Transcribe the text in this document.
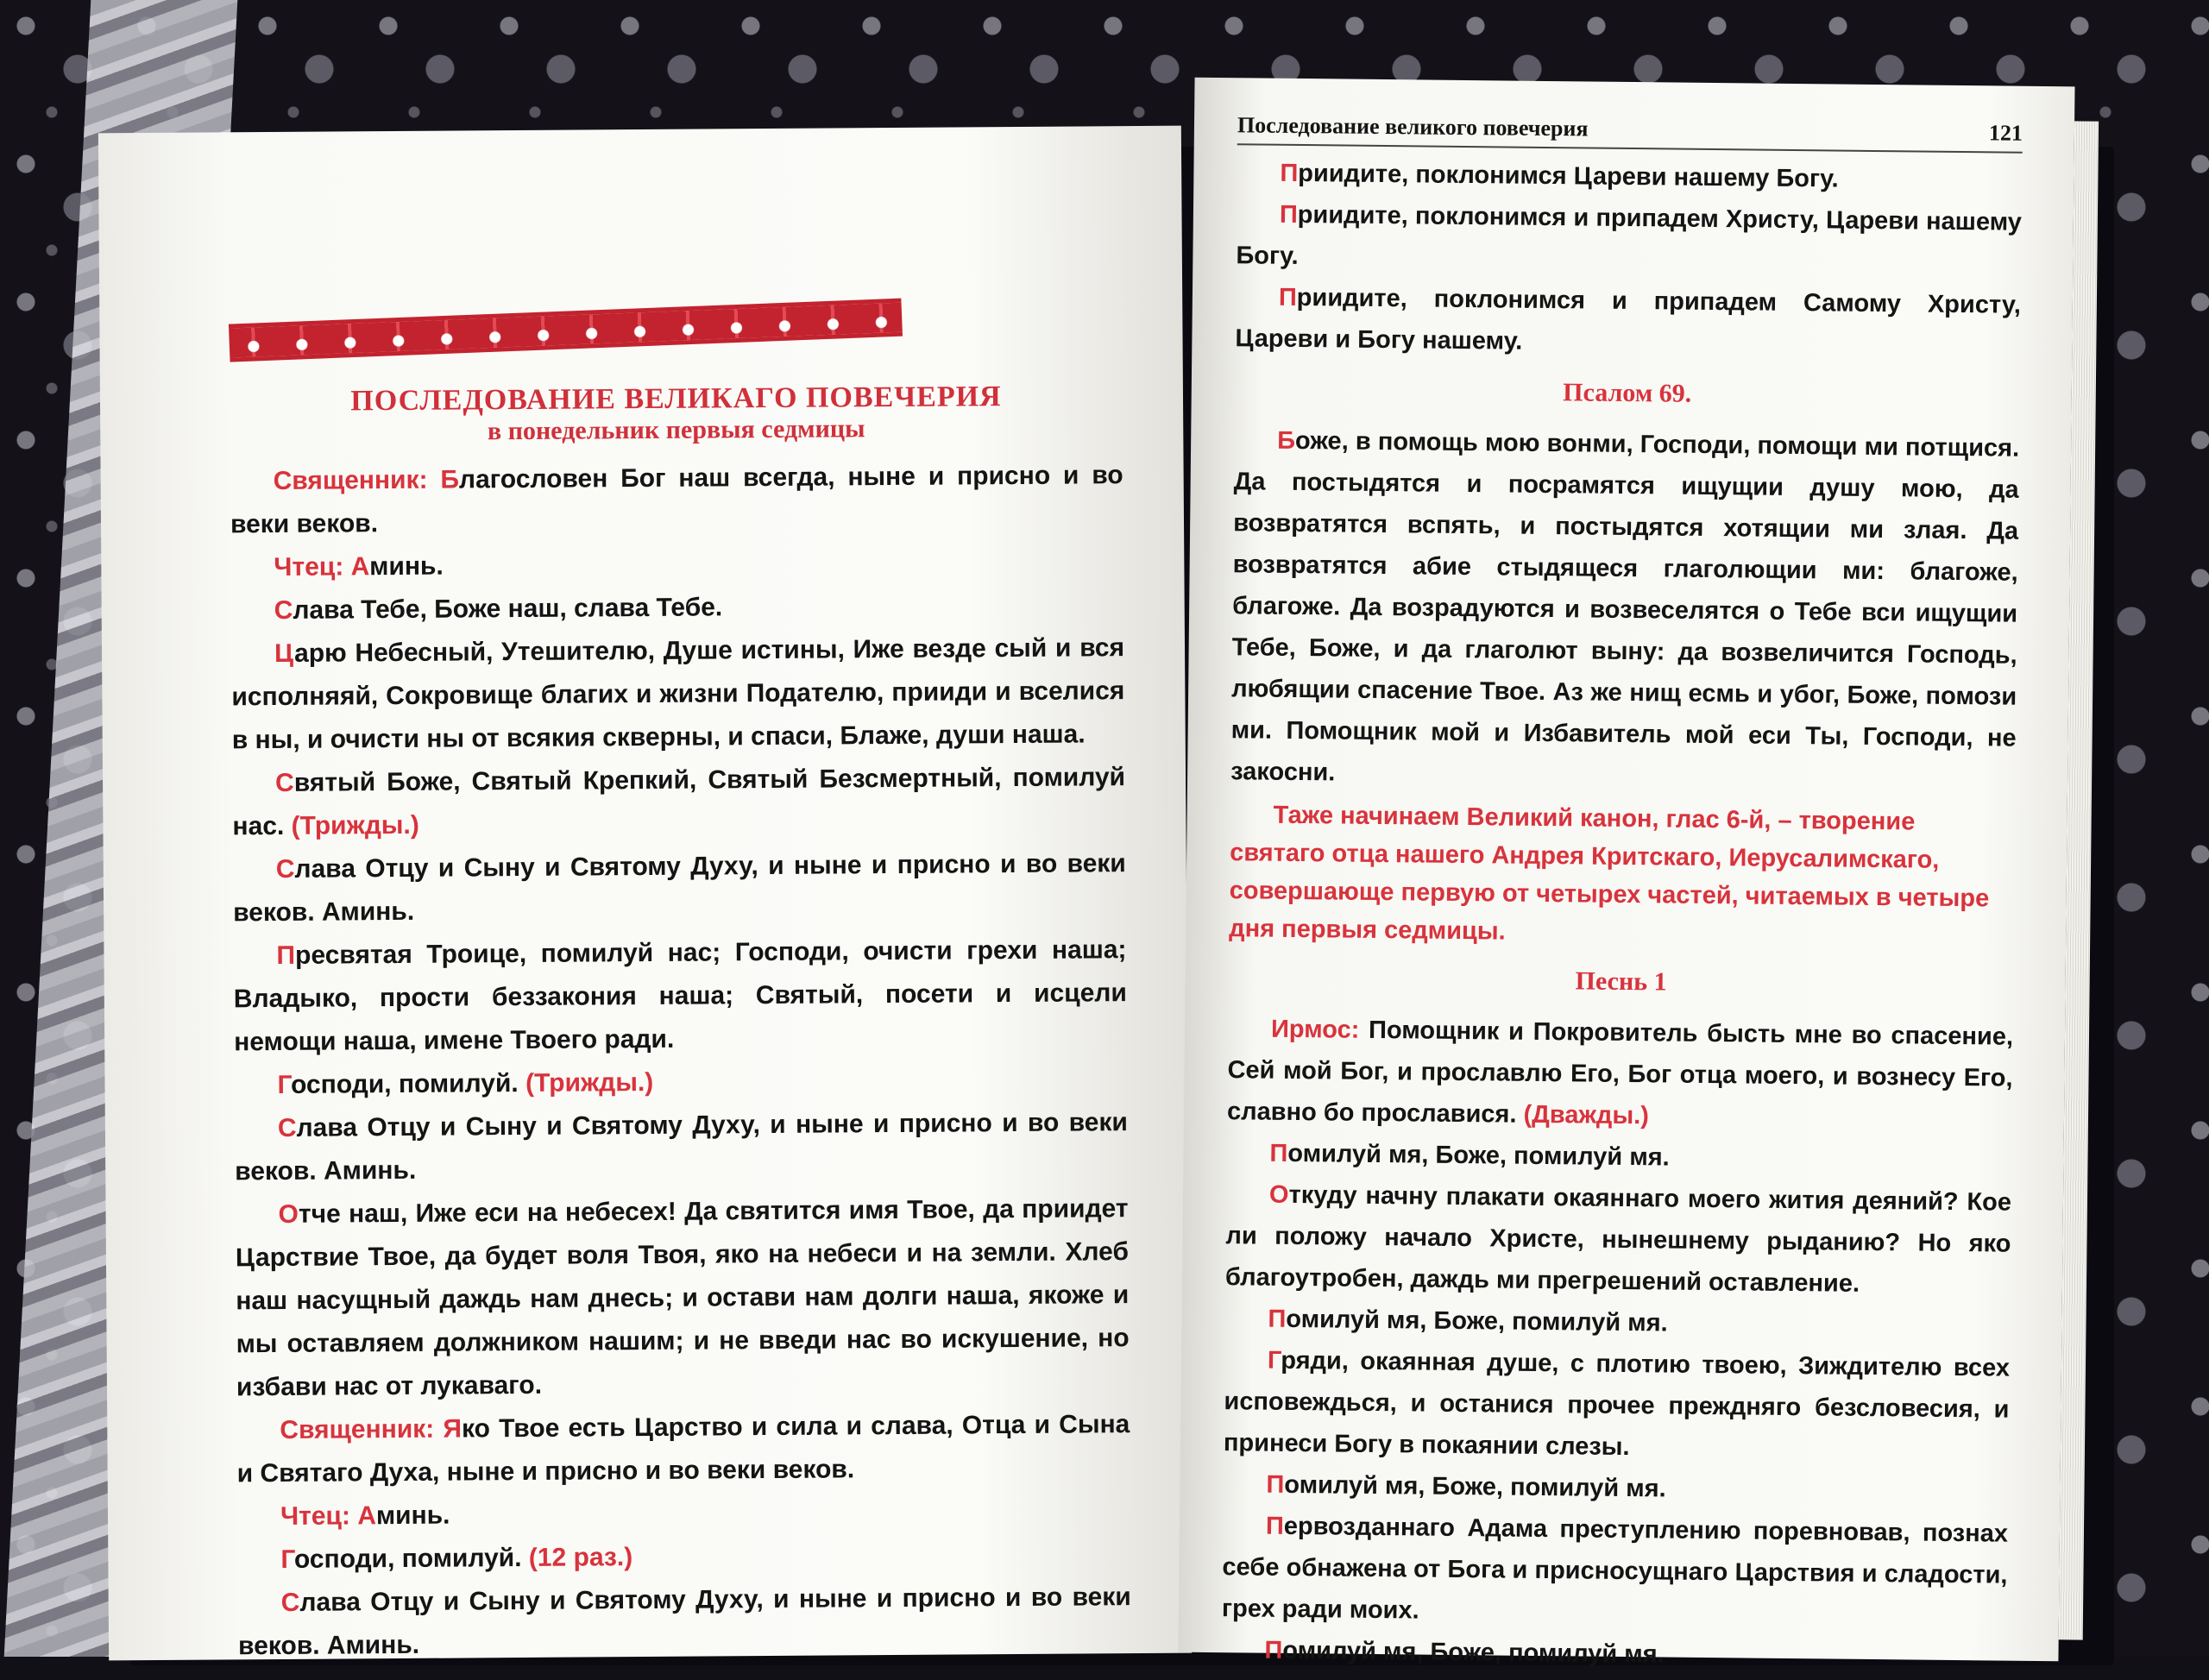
ПОСЛЕДОВАНИЕ ВЕЛИКАГО ПОВЕЧЕРИЯ
в понедельник первыя седмицы

Священник: Благословен Бог наш всегда, ныне и присно и во веки веков.

Чтец: Аминь.

Слава Тебе, Боже наш, слава Тебе.

Царю Небесный, Утешителю, Душе истины, Иже везде сый и вся исполняяй, Сокровище благих и жизни Подателю, прииди и вселися в ны, и очисти ны от всякия скверны, и спаси, Блаже, души наша.

Святый Боже, Святый Крепкий, Святый Безсмертный, помилуй нас. (Трижды.)

Слава Отцу и Сыну и Святому Духу, и ныне и присно и во веки веков. Аминь.

Пресвятая Троице, помилуй нас; Господи, очисти грехи наша; Владыко, прости беззакония наша; Святый, посети и исцели немощи наша, имене Твоего ради.

Господи, помилуй. (Трижды.)

Слава Отцу и Сыну и Святому Духу, и ныне и присно и во веки веков. Аминь.

Отче наш, Иже еси на небесех! Да святится имя Твое, да приидет Царствие Твое, да будет воля Твоя, яко на небеси и на земли. Хлеб наш насущный даждь нам днесь; и остави нам долги наша, якоже и мы оставляем должником нашим; и не введи нас во искушение, но избави нас от лукаваго.

Священник: Яко Твое есть Царство и сила и слава, Отца и Сына и Святаго Духа, ныне и присно и во веки веков.

Чтец: Аминь.

Господи, помилуй. (12 раз.)

Слава Отцу и Сыну и Святому Духу, и ныне и присно и во веки веков. Аминь.

Последование великого повечерия	121

Приидите, поклонимся Цареви нашему Богу.

Приидите, поклонимся и припадем Христу, Цареви нашему Богу.

Приидите, поклонимся и припадем Самому Христу, Цареви и Богу нашему.

Псалом 69.

Боже, в помощь мою вонми, Господи, помощи ми потщися. Да постыдятся и посрамятся ищущии душу мою, да возвратятся вспять, и постыдятся хотящии ми злая. Да возвратятся абие стыдящеся глаголющии ми: благоже, благоже. Да возрадуются и возвеселятся о Тебе вси ищущии Тебе, Боже, и да глаголют выну: да возвеличится Господь, любящии спасение Твое. Аз же нищ есмь и убог, Боже, помози ми. Помощник мой и Избавитель мой еси Ты, Господи, не закосни.

Таже начинаем Великий канон, глас 6-й, – творение святаго отца нашего Андрея Критскаго, Иерусалимскаго, совершающе первую от четырех частей, читаемых в четыре дня первыя седмицы.
Песнь 1

Ирмос: Помощник и Покровитель бысть мне во спасение, Сей мой Бог, и прославлю Его, Бог отца моего, и вознесу Его, славно бо прославися. (Дважды.)

Помилуй мя, Боже, помилуй мя.

Откуду начну плакати окаяннаго моего жития деяний? Кое ли положу начало Христе, нынешнему рыданию? Но яко благоутробен, даждь ми прегрешений оставление.

Помилуй мя, Боже, помилуй мя.

Гряди, окаянная душе, с плотию твоею, Зиждителю всех исповеждься, и останися прочее преждняго безсловесия, и принеси Богу в покаянии слезы.

Помилуй мя, Боже, помилуй мя.

Первозданнаго Адама преступлению поревновав, познах себе обнажена от Бога и присносущнаго Царствия и сладости, грех ради моих.

Помилуй мя, Боже, помилуй мя.
